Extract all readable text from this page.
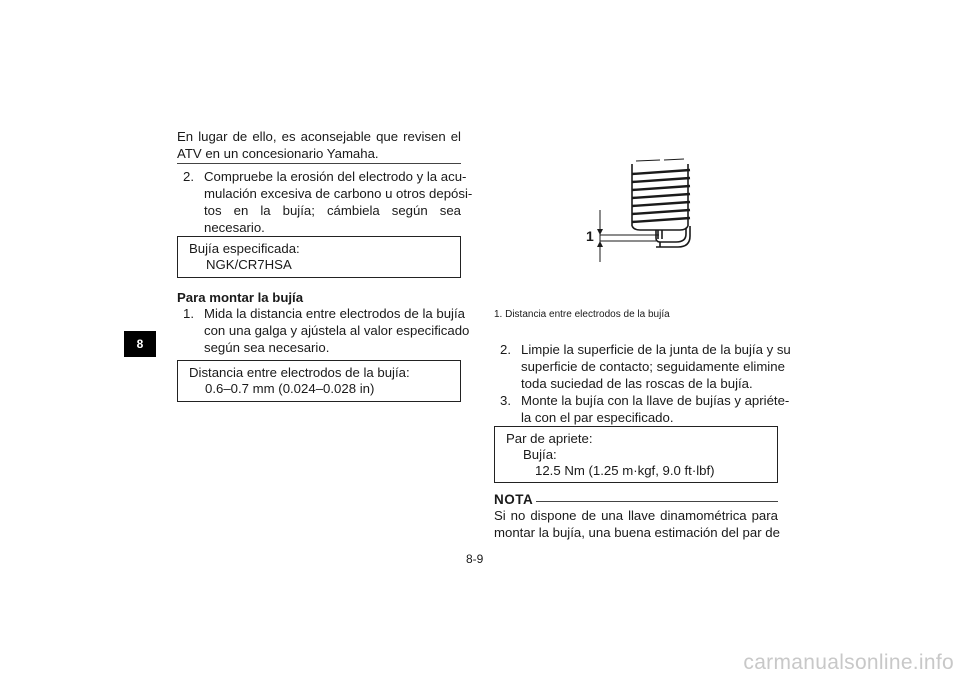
8
En lugar de ello, es aconsejable que revisen el
ATV en un concesionario Yamaha.
2. Compruebe la erosión del electrodo y la acu-
mulación excesiva de carbono u otros depósi-
tos en la bujía; cámbiela según sea
necesario.
Bujía especificada:
NGK/CR7HSA
Para montar la bujía
1. Mida la distancia entre electrodos de la bujía
con una galga y ajústela al valor especificado
según sea necesario.
Distancia entre electrodos de la bujía:
0.6–0.7 mm (0.024–0.028 in)
1
1. Distancia entre electrodos de la bujía
2. Limpie la superficie de la junta de la bujía y su
superficie de contacto; seguidamente elimine
toda suciedad de las roscas de la bujía.
3. Monte la bujía con la llave de bujías y apriéte-
la con el par especificado.
Par de apriete:
Bujía:
12.5 Nm (1.25 m·kgf, 9.0 ft·lbf)
NOTA
Si no dispone de una llave dinamométrica para
montar la bujía, una buena estimación del par de
8-9
carmanualsonline.info
